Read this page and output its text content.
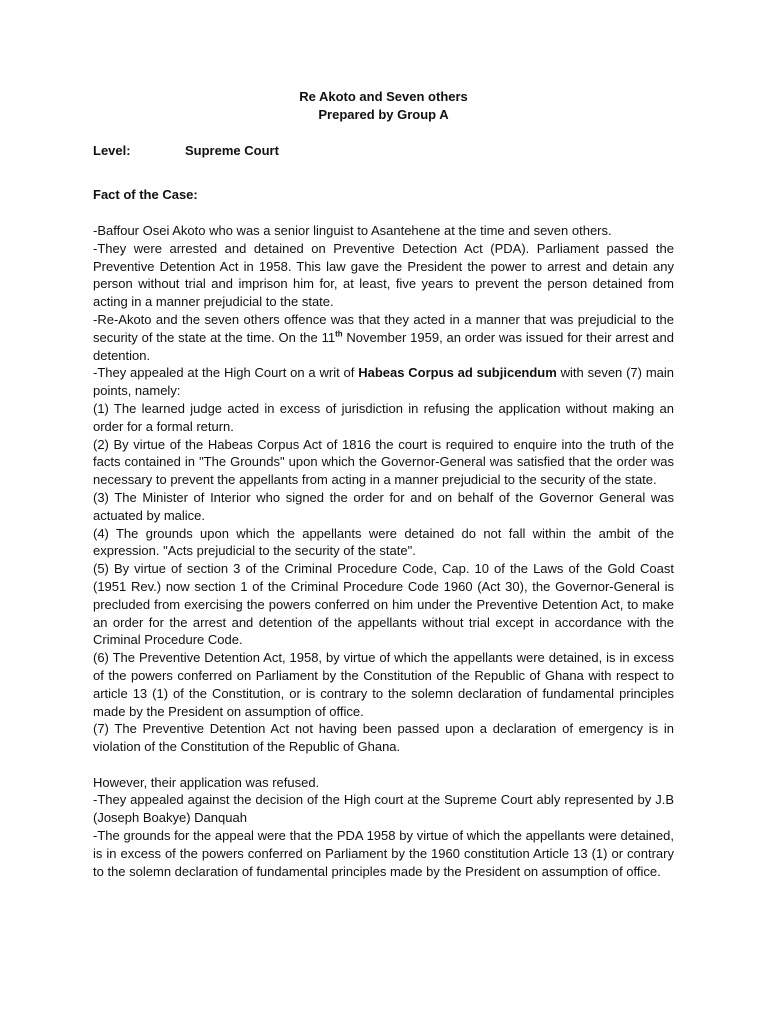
Re Akoto and Seven others

Prepared by Group A

Level:	Supreme Court
Fact of the Case:

-Baffour Osei Akoto who was a senior linguist to Asantehene at the time and seven others.

-They were arrested and detained on Preventive Detection Act (PDA). Parliament passed the Preventive Detention Act in 1958. This law gave the President the power to arrest and detain any person without trial and imprison him for, at least, five years to prevent the person detained from acting in a manner prejudicial to the state.

-Re-Akoto and the seven others offence was that they acted in a manner that was prejudicial to the security of the state at the time. On the 11th November 1959, an order was issued for their arrest and detention.

-They appealed at the High Court on a writ of Habeas Corpus ad subjicendum with seven (7) main points, namely:

(1) The learned judge acted in excess of jurisdiction in refusing the application without making an order for a formal return.

(2) By virtue of the Habeas Corpus Act of 1816 the court is required to enquire into the truth of the facts contained in "The Grounds" upon which the Governor-General was satisfied that the order was necessary to prevent the appellants from acting in a manner prejudicial to the security of the state.

(3) The Minister of Interior who signed the order for and on behalf of the Governor General was actuated by malice.

(4) The grounds upon which the appellants were detained do not fall within the ambit of the expression. "Acts prejudicial to the security of the state".

(5) By virtue of section 3 of the Criminal Procedure Code, Cap. 10 of the Laws of the Gold Coast (1951 Rev.) now section 1 of the Criminal Procedure Code 1960 (Act 30), the Governor-General is precluded from exercising the powers conferred on him under the Preventive Detention Act, to make an order for the arrest and detention of the appellants without trial except in accordance with the Criminal Procedure Code.

(6) The Preventive Detention Act, 1958, by virtue of which the appellants were detained, is in excess of the powers conferred on Parliament by the Constitution of the Republic of Ghana with respect to article 13 (1) of the Constitution, or is contrary to the solemn declaration of fundamental principles made by the President on assumption of office.

(7) The Preventive Detention Act not having been passed upon a declaration of emergency is in violation of the Constitution of the Republic of Ghana.

However, their application was refused.

-They appealed against the decision of the High court at the Supreme Court ably represented by J.B (Joseph Boakye) Danquah

-The grounds for the appeal were that the PDA 1958 by virtue of which the appellants were detained, is in excess of the powers conferred on Parliament by the 1960 constitution Article 13 (1) or contrary to the solemn declaration of fundamental principles made by the President on assumption of office.
